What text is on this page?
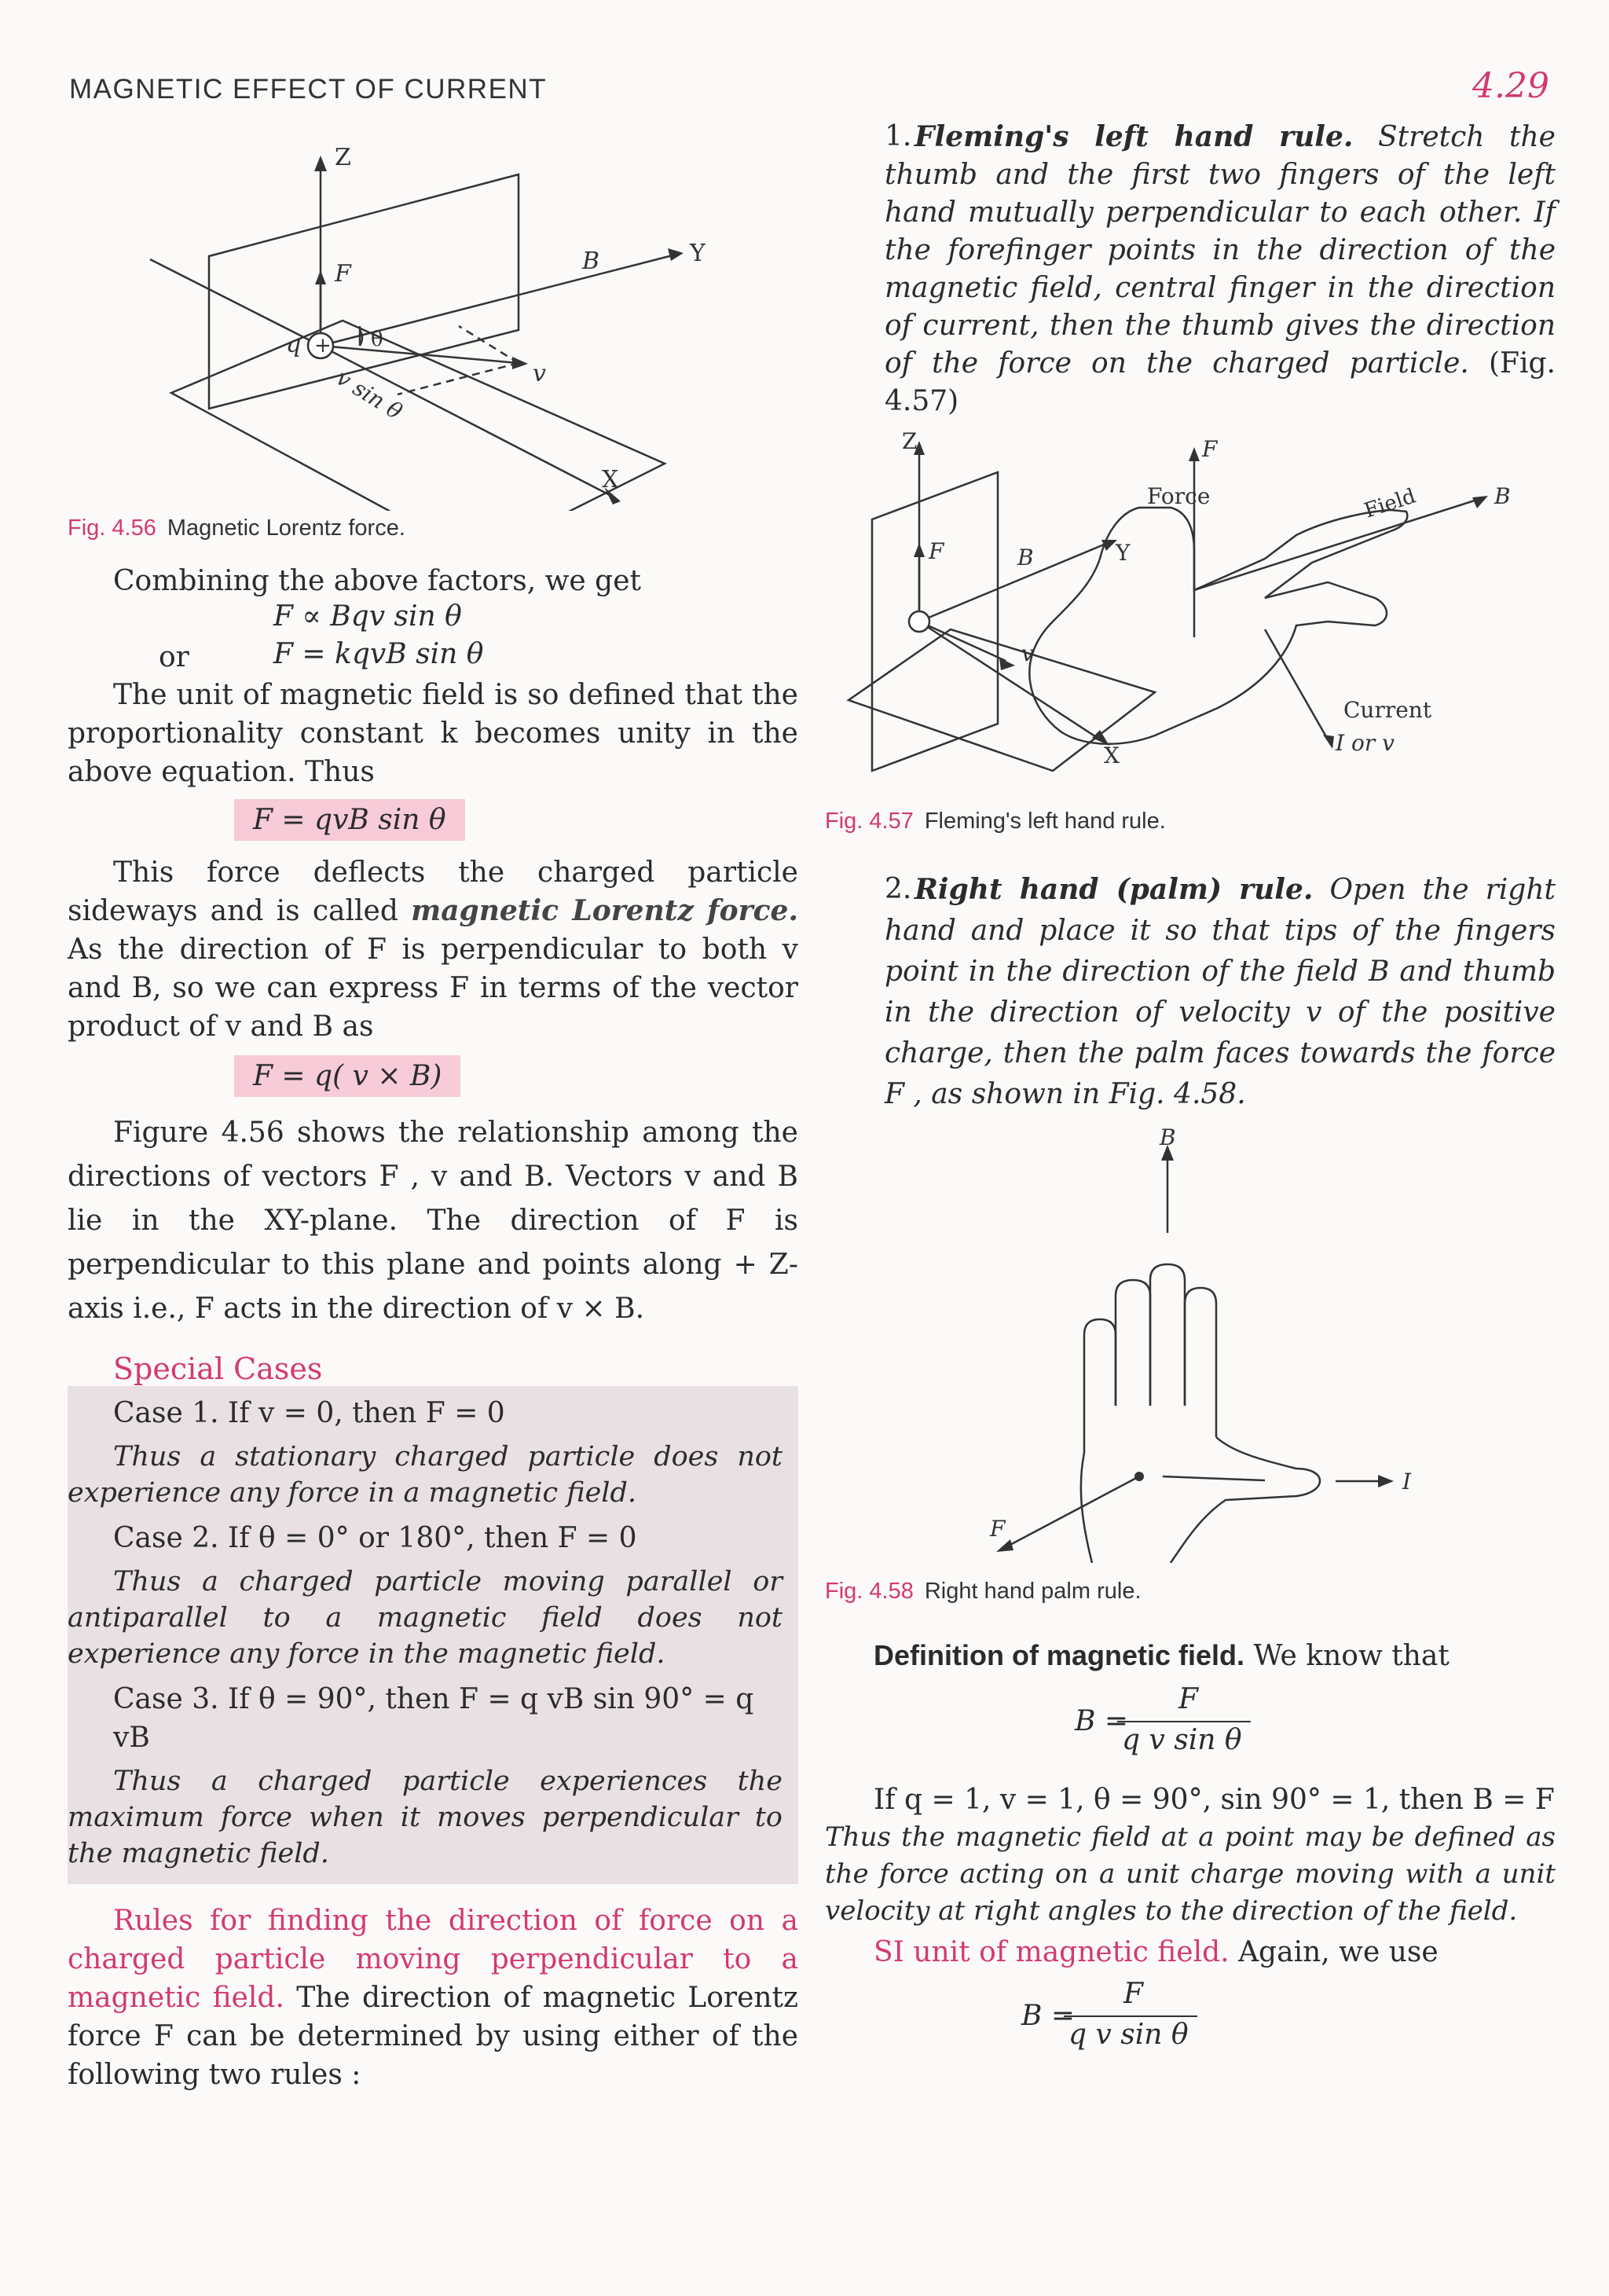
MAGNETIC EFFECT OF CURRENT	4.29
+
Z
Y
X
F	B
v
q	θ
v sin θ
Fig. 4.56 Magnetic Lorentz force.

Combining the above factors, we get

F ∝ Bqv sin θ
or	F = kqvB sin θ

The unit of magnetic field is so defined that the proportionality constant k becomes unity in the above equation. Thus

F = qvB sin θ

This force deflects the charged particle sideways and is called magnetic Lorentz force. As the direction of F is perpendicular to both v and B, so we can express F in terms of the vector product of v and B as

F = q( v × B)

Figure 4.56 shows the relationship among the directions of vectors F , v and B. Vectors v and B lie in the XY-plane. The direction of F is perpendicular to this plane and points along + Z-axis i.e., F acts in the direction of v × B.

Special Cases

Case 1. If v = 0, then F = 0

Thus a stationary charged particle does not experience any force in a magnetic field.

Case 2. If θ = 0° or 180°, then F = 0

Thus a charged particle moving parallel or antiparallel to a magnetic field does not experience any force in the magnetic field.

Case 3. If θ = 90°, then F = q vB sin 90° = q vB

Thus a charged particle experiences the maximum force when it moves perpendicular to the magnetic field.

Rules for finding the direction of force on a charged particle moving perpendicular to a magnetic field. The direction of magnetic Lorentz force F can be determined by using either of the following two rules :

1. Fleming's left hand rule. Stretch the thumb and the first two fingers of the left hand mutually perpendicular to each other. If the forefinger points in the direction of the magnetic field, central finger in the direction of current, then the thumb gives the direction of the force on the charged particle. (Fig. 4.57)

Z
Y
X
F	B
v
Force
F
Field	B
Current
I or v
Fig. 4.57 Fleming's left hand rule.

2. Right hand (palm) rule. Open the right hand and place it so that tips of the fingers point in the direction of the field B and thumb in the direction of velocity v of the positive charge, then the palm faces towards the force F , as shown in Fig. 4.58.

B
I
F
Fig. 4.58 Right hand palm rule.

Definition of magnetic field. We know that

B =
F
q v sin θ

If q = 1, v = 1, θ = 90°, sin 90° = 1, then B = F

Thus the magnetic field at a point may be defined as the force acting on a unit charge moving with a unit velocity at right angles to the direction of the field.

SI unit of magnetic field. Again, we use

B =
F
q v sin θ
